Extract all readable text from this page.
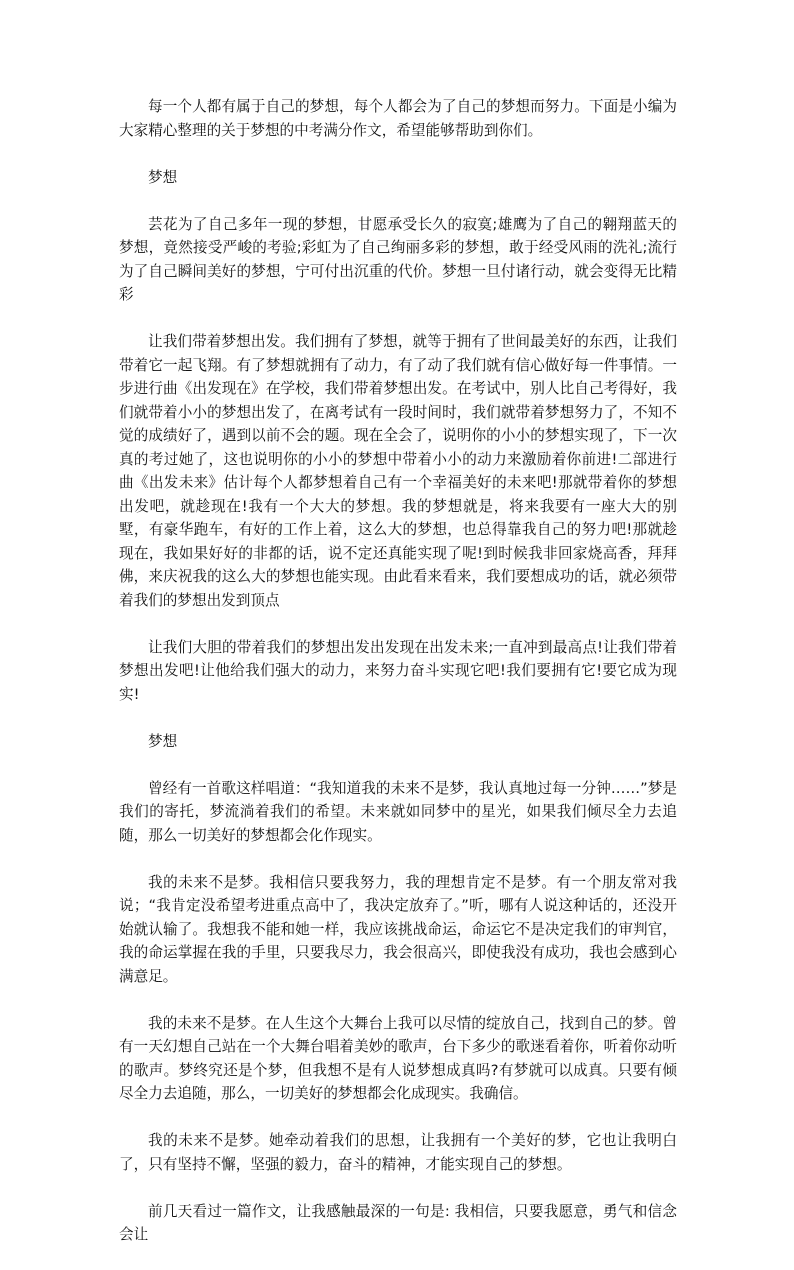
每一个人都有属于自己的梦想，每个人都会为了自己的梦想而努力。下面是小编为大家精心整理的关于梦想的中考满分作文，希望能够帮助到你们。

梦想

芸花为了自己多年一现的梦想，甘愿承受长久的寂寞;雄鹰为了自己的翱翔蓝天的梦想，竟然接受严峻的考验;彩虹为了自己绚丽多彩的梦想，敢于经受风雨的洗礼;流行为了自己瞬间美好的梦想，宁可付出沉重的代价。梦想一旦付诸行动，就会变得无比精彩

让我们带着梦想出发。我们拥有了梦想，就等于拥有了世间最美好的东西，让我们带着它一起飞翔。有了梦想就拥有了动力，有了动了我们就有信心做好每一件事情。一步进行曲《出发现在》在学校，我们带着梦想出发。在考试中，别人比自己考得好，我们就带着小小的梦想出发了，在离考试有一段时间时，我们就带着梦想努力了，不知不觉的成绩好了，遇到以前不会的题。现在全会了，说明你的小小的梦想实现了，下一次真的考过她了，这也说明你的小小的梦想中带着小小的动力来激励着你前进!二部进行曲《出发未来》估计每个人都梦想着自己有一个幸福美好的未来吧!那就带着你的梦想出发吧，就趁现在!我有一个大大的梦想。我的梦想就是，将来我要有一座大大的别墅，有豪华跑车，有好的工作上着，这么大的梦想，也总得靠我自己的努力吧!那就趁现在，我如果好好的非都的话，说不定还真能实现了呢!到时候我非回家烧高香，拜拜佛，来庆祝我的这么大的梦想也能实现。由此看来看来，我们要想成功的话，就必须带着我们的梦想出发到顶点

让我们大胆的带着我们的梦想出发出发现在出发未来;一直冲到最高点!让我们带着梦想出发吧!让他给我们强大的动力，来努力奋斗实现它吧!我们要拥有它!要它成为现实!

梦想

曾经有一首歌这样唱道：“我知道我的未来不是梦，我认真地过每一分钟……”梦是我们的寄托，梦流淌着我们的希望。未来就如同梦中的星光，如果我们倾尽全力去追随，那么一切美好的梦想都会化作现实。

我的未来不是梦。我相信只要我努力，我的理想肯定不是梦。有一个朋友常对我说；“我肯定没希望考进重点高中了，我决定放弃了。”听，哪有人说这种话的，还没开始就认输了。我想我不能和她一样，我应该挑战命运，命运它不是决定我们的审判官，我的命运掌握在我的手里，只要我尽力，我会很高兴，即使我没有成功，我也会感到心满意足。

我的未来不是梦。在人生这个大舞台上我可以尽情的绽放自己，找到自己的梦。曾有一天幻想自己站在一个大舞台唱着美妙的歌声，台下多少的歌迷看着你，听着你动听的歌声。梦终究还是个梦，但我想不是有人说梦想成真吗?有梦就可以成真。只要有倾尽全力去追随，那么，一切美好的梦想都会化成现实。我确信。

我的未来不是梦。她牵动着我们的思想，让我拥有一个美好的梦，它也让我明白了，只有坚持不懈，坚强的毅力，奋斗的精神，才能实现自己的梦想。

前几天看过一篇作文，让我感触最深的一句是: 我相信，只要我愿意，勇气和信念会让
